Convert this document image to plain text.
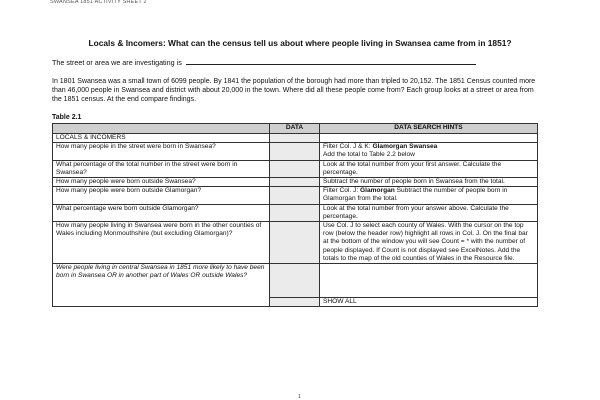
SWANSEA 1851 ACTIVITY SHEET 2
Locals & Incomers: What can the census tell us about where people living in Swansea came from in 1851?
The street or area we are investigating is
In 1801 Swansea was a small town of 6099 people. By 1841 the population of the borough had more than tripled to 20,152. The 1851 Census counted more than 46,000 people in Swansea and district with about 20,000 in the town. Where did all these people come from? Each group looks at a street or area from the 1851 census. At the end compare findings.
Table 2.1
	DATA	DATA SEARCH HINTS
LOCALS & INCOMERS		
How many people in the street were born in Swansea?		Filter Col. J & K: Glamorgan Swansea
Add the total to Table 2.2 below
What percentage of the total number in the street were born in Swansea?		Look at the total number from your first answer. Calculate the percentage.
How many people were born outside Swansea?		Subtract the number of people born in Swansea from the total.
How many people were born outside Glamorgan?		Filter Col. J: Glamorgan Subtract the number of people born in Glamorgan from the total.
What percentage were born outside Glamorgan?		Look at the total number from your answer above. Calculate the percentage.
How many people living in Swansea were born in the other counties of Wales including Monmouthshire (but excluding Glamorgan)?		Use Col. J to select each county of Wales. With the cursor on the top row (below the header row) highlight all rows in Col. J. On the final bar at the bottom of the window you will see Count = * with the number of people displayed. If Count is not displayed see ExcelNotes. Add the totals to the map of the old counties of Wales in the Resource file.
Were people living in central Swansea in 1851 more likely to have been born in Swansea OR in another part of Wales OR outside Wales?		
		SHOW ALL
1
